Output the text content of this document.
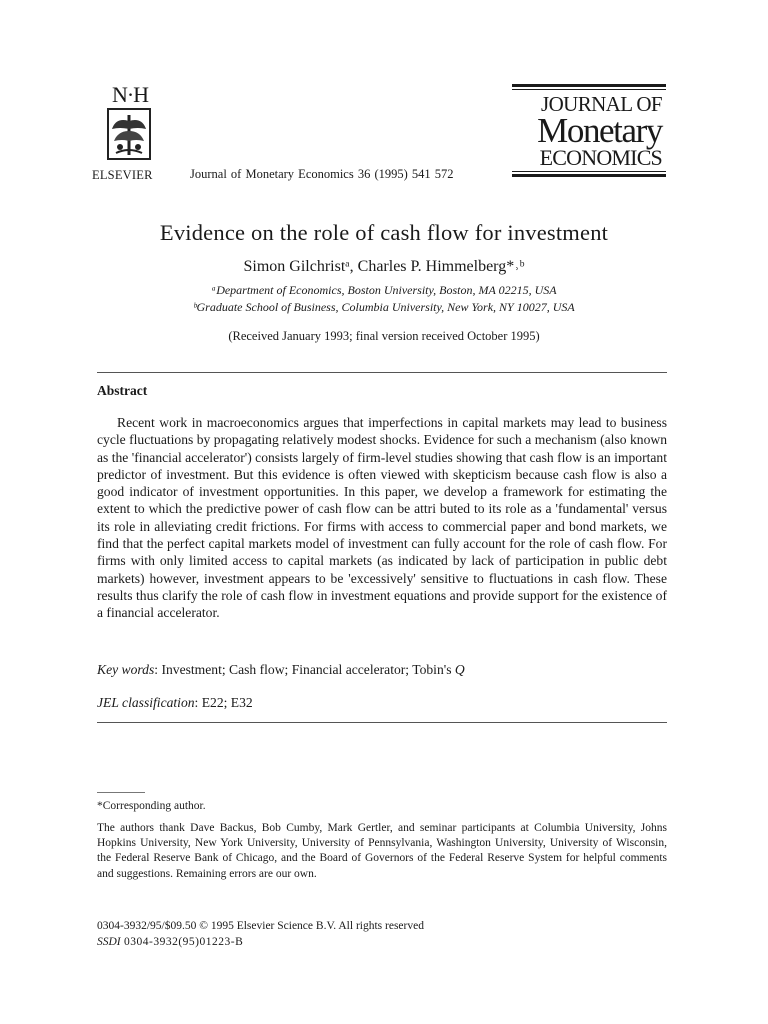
N·H
ELSEVIER	Journal of Monetary Economics 36 (1995) 541 572
JOURNAL OF
Monetary
ECONOMICS
Evidence on the role of cash flow for investment
Simon Gilchristᵃ, Charles P. Himmelberg*˒ᵇ
ᵃDepartment of Economics, Boston University, Boston, MA 02215, USA
ᵇGraduate School of Business, Columbia University, New York, NY 10027, USA
(Received January 1993; final version received October 1995)
Abstract
Recent work in macroeconomics argues that imperfections in capital markets may lead to business cycle fluctuations by propagating relatively modest shocks. Evidence for such a mechanism (also known as the 'financial accelerator') consists largely of firm-level studies showing that cash flow is an important predictor of investment. But this evidence is often viewed with skepticism because cash flow is also a good indicator of investment opportunities. In this paper, we develop a framework for estimating the extent to which the predictive power of cash flow can be attri buted to its role as a 'fundamental' versus its role in alleviating credit frictions. For firms with access to commercial paper and bond markets, we find that the perfect capital markets model of investment can fully account for the role of cash flow. For firms with only limited access to capital markets (as indicated by lack of participation in public debt markets) however, investment appears to be 'excessively' sensitive to fluctuations in cash flow. These results thus clarify the role of cash flow in investment equations and provide support for the existence of a financial accelerator.
Key words: Investment; Cash flow; Financial accelerator; Tobin's Q
JEL classification: E22; E32
*Corresponding author.
The authors thank Dave Backus, Bob Cumby, Mark Gertler, and seminar participants at Columbia University, Johns Hopkins University, New York University, University of Pennsylvania, Washington University, University of Wisconsin, the Federal Reserve Bank of Chicago, and the Board of Governors of the Federal Reserve System for helpful comments and suggestions. Remaining errors are our own.
0304-3932/95/$09.50 © 1995 Elsevier Science B.V. All rights reserved
SSDI 0304-3932(95)01223-B
